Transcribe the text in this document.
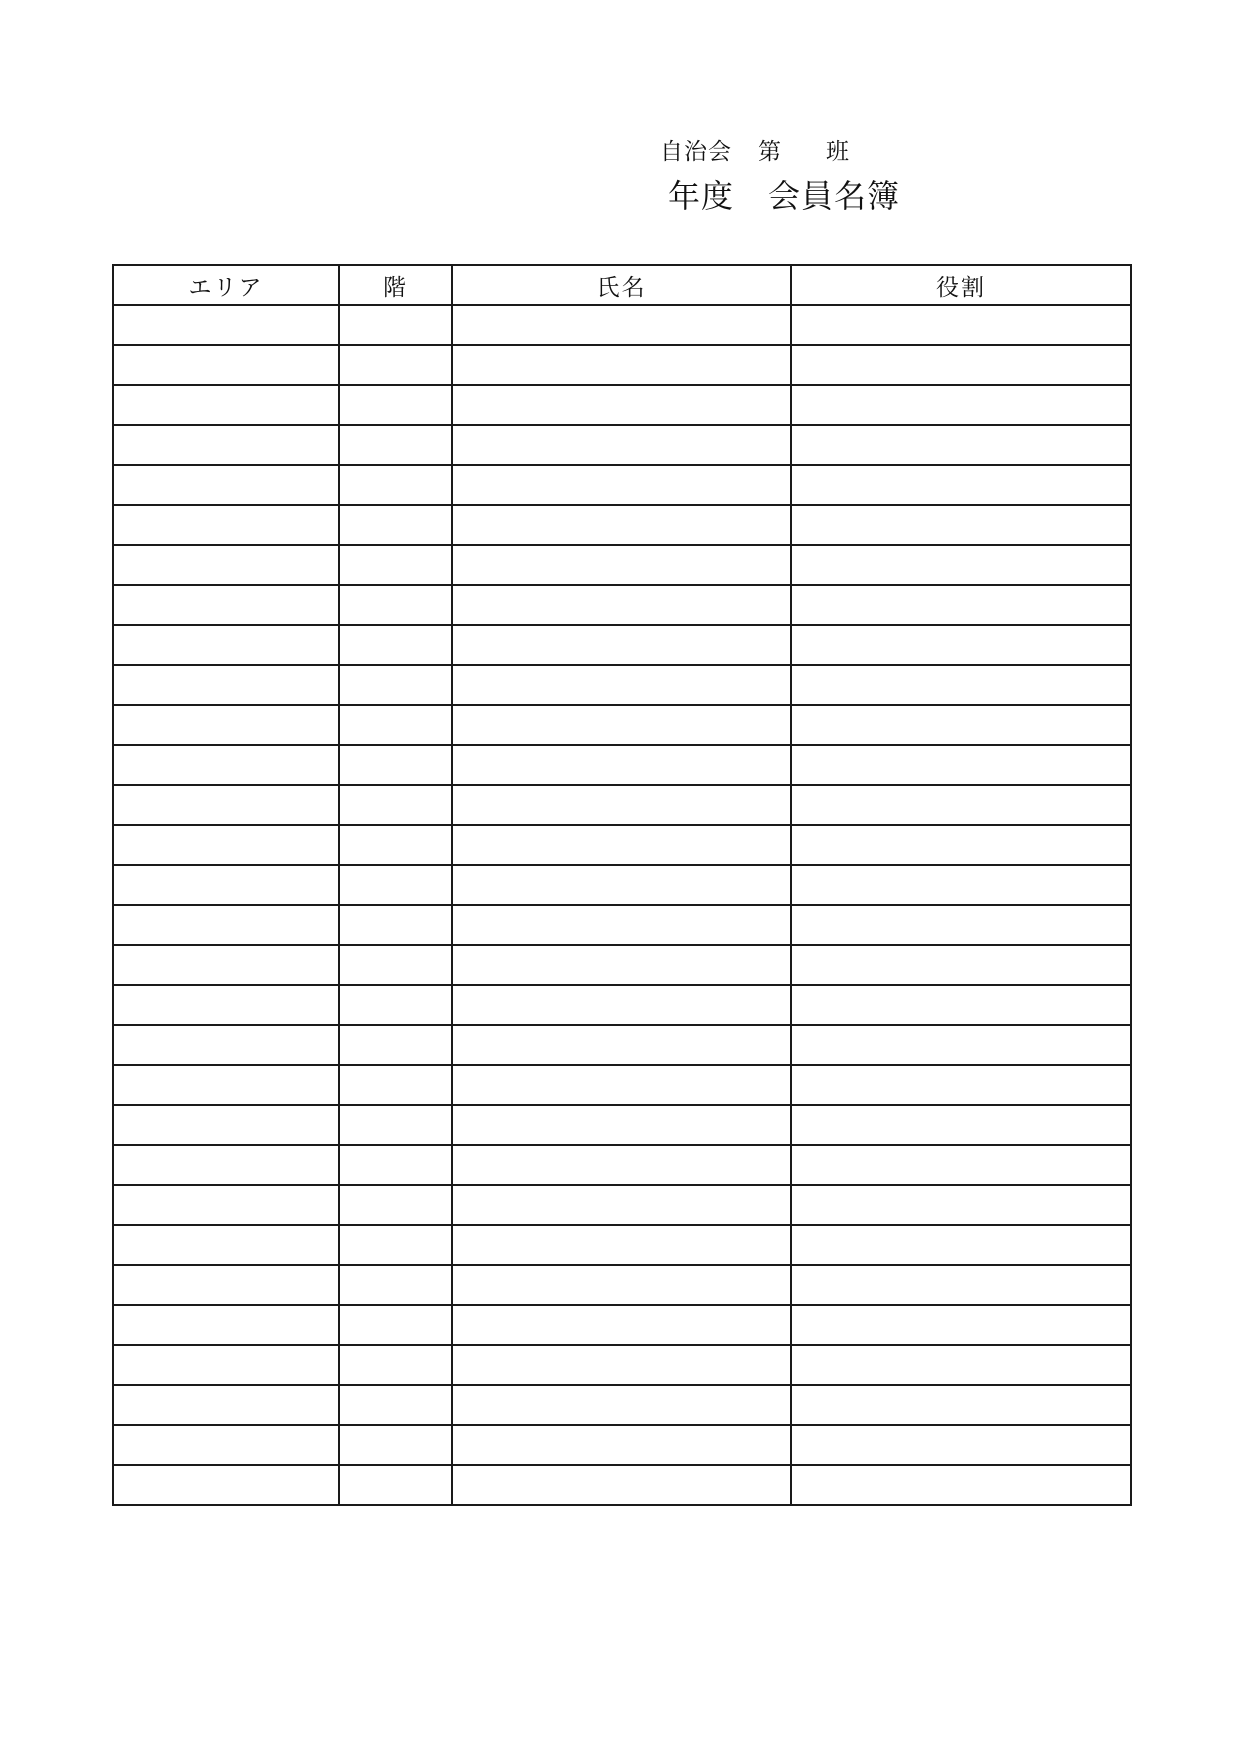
自治会 第 班
年度 会員名簿
エリア	階	氏名	役割
